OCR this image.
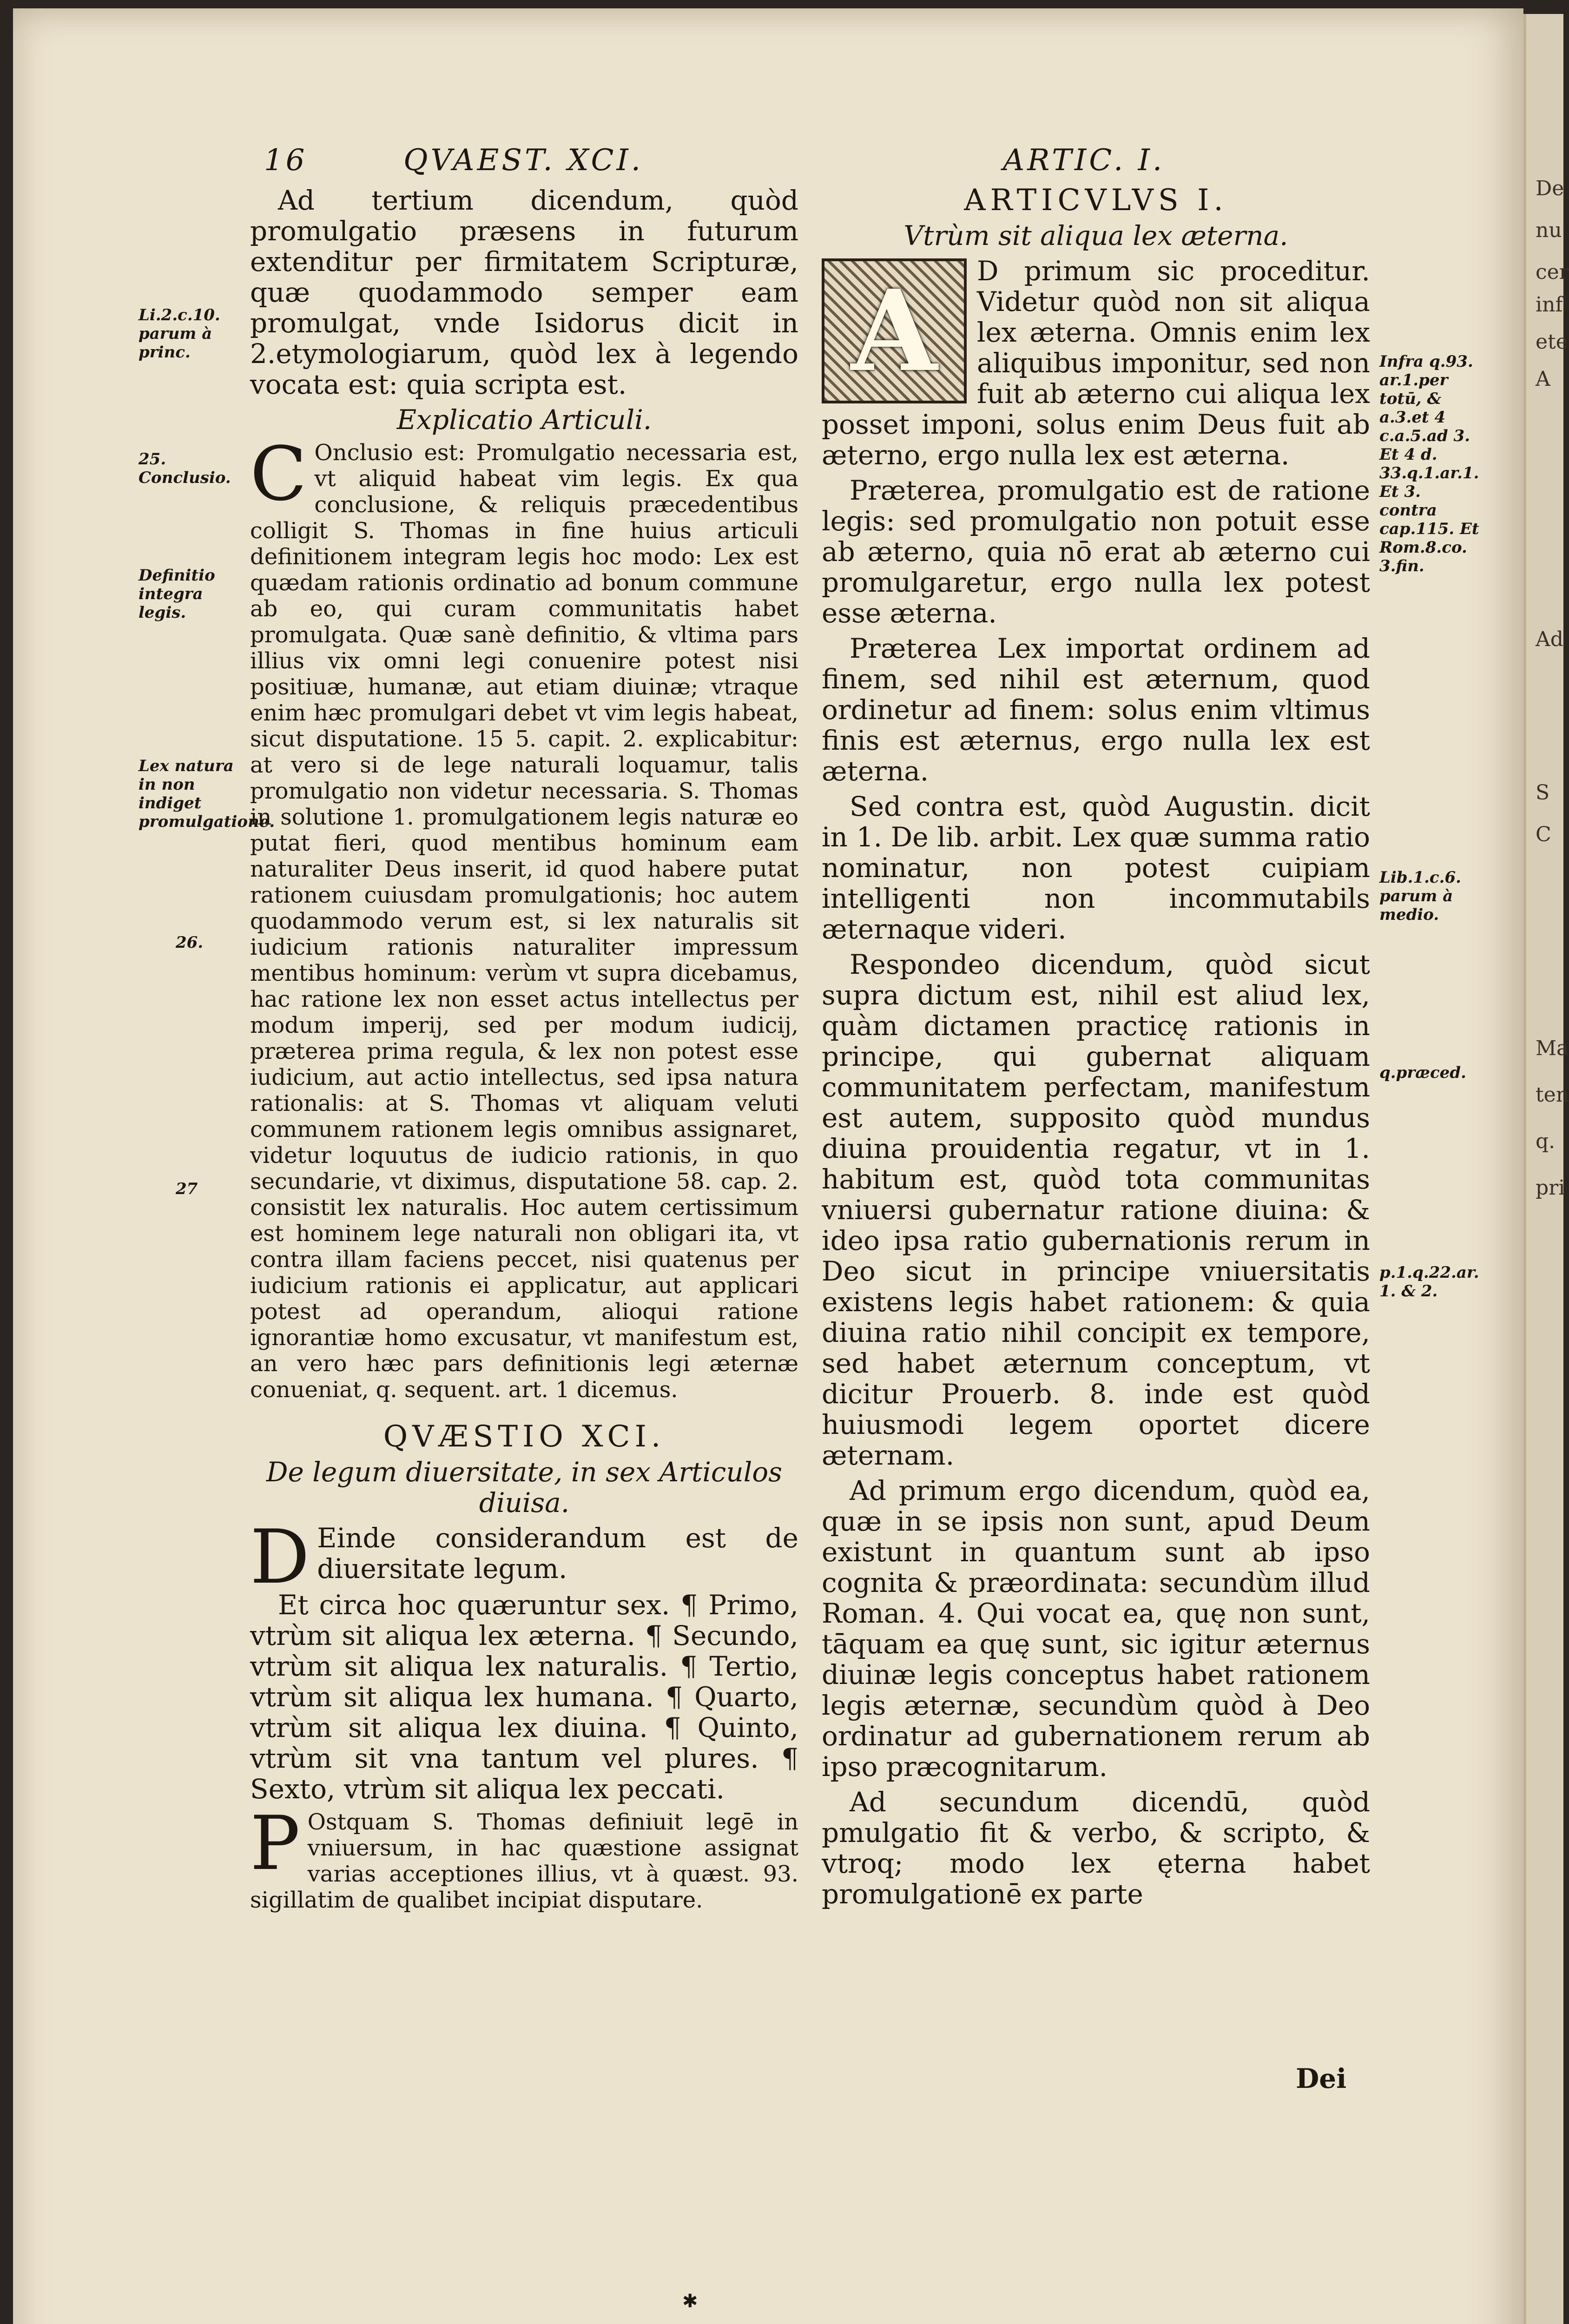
16	QVAEST. XCI.	ARTIC. I.
Li.2.c.10. parum à princ.
25. Conclusio.
Definitio integra legis.
Lex natura in non indiget promulgatione.
26.
27

Ad tertium dicendum, quòd promulgatio præsens in futurum extenditur per firmitatem Scripturæ, quæ quodammodo semper eam promulgat, vnde Isidorus dicit in 2.etymologiarum, quòd lex à legendo vocata est: quia scripta est.

Explicatio Articuli.

C Onclusio est: Promulgatio necessaria est, vt aliquid habeat vim legis. Ex qua conclusione, & reliquis præcedentibus colligit S. Thomas in fine huius articuli definitionem integram legis hoc modo: Lex est quædam rationis ordinatio ad bonum commune ab eo, qui curam communitatis habet promulgata. Quæ sanè definitio, & vltima pars illius vix omni legi conuenire potest nisi positiuæ, humanæ, aut etiam diuinæ; vtraque enim hæc promulgari debet vt vim legis habeat, sicut disputatione. 15 5. capit. 2. explicabitur: at vero si de lege naturali loquamur, talis promulgatio non videtur necessaria. S. Thomas in solutione 1. promulgationem legis naturæ eo putat fieri, quod mentibus hominum eam naturaliter Deus inserit, id quod habere putat rationem cuiusdam promulgationis; hoc autem quodammodo verum est, si lex naturalis sit iudicium rationis naturaliter impressum mentibus hominum: verùm vt supra dicebamus, hac ratione lex non esset actus intellectus per modum imperij, sed per modum iudicij, præterea prima regula, & lex non potest esse iudicium, aut actio intellectus, sed ipsa natura rationalis: at S. Thomas vt aliquam veluti communem rationem legis omnibus assignaret, videtur loquutus de iudicio rationis, in quo secundarie, vt diximus, disputatione 58. cap. 2. consistit lex naturalis. Hoc autem certissimum est hominem lege naturali non obligari ita, vt contra illam faciens peccet, nisi quatenus per iudicium rationis ei applicatur, aut applicari potest ad operandum, alioqui ratione ignorantiæ homo excusatur, vt manifestum est, an vero hæc pars definitionis legi æternæ conueniat, q. sequent. art. 1 dicemus.

QVÆSTIO XCI.

De legum diuersitate, in sex Articulos diuisa.

D Einde considerandum est de diuersitate legum.

Et circa hoc quæruntur sex. ¶ Primo, vtrùm sit aliqua lex æterna. ¶ Secundo, vtrùm sit aliqua lex naturalis. ¶ Tertio, vtrùm sit aliqua lex humana. ¶ Quarto, vtrùm sit aliqua lex diuina. ¶ Quinto, vtrùm sit vna tantum vel plures. ¶ Sexto, vtrùm sit aliqua lex peccati.

P Ostquam S. Thomas definiuit legē in vniuersum, in hac quæstione assignat varias acceptiones illius, vt à quæst. 93. sigillatim de qualibet incipiat disputare.

ARTICVLVS I.

Vtrùm sit aliqua lex æterna.

A	D primum sic proceditur. Videtur quòd non sit aliqua lex æterna. Omnis enim lex aliquibus imponitur, sed non fuit ab æterno cui aliqua lex posset imponi, solus enim Deus fuit ab æterno, ergo nulla lex est æterna.

Præterea, promulgatio est de ratione legis: sed promulgatio non potuit esse ab æterno, quia nō erat ab æterno cui promulgaretur, ergo nulla lex potest esse æterna.

Præterea Lex importat ordinem ad finem, sed nihil est æternum, quod ordinetur ad finem: solus enim vltimus finis est æternus, ergo nulla lex est æterna.

Sed contra est, quòd Augustin. dicit in 1. De lib. arbit. Lex quæ summa ratio nominatur, non potest cuipiam intelligenti non incommutabils æternaque videri.

Respondeo dicendum, quòd sicut supra dictum est, nihil est aliud lex, quàm dictamen practicę rationis in principe, qui gubernat aliquam communitatem perfectam, manifestum est autem, supposito quòd mundus diuina prouidentia regatur, vt in 1. habitum est, quòd tota communitas vniuersi gubernatur ratione diuina: & ideo ipsa ratio gubernationis rerum in Deo sicut in principe vniuersitatis existens legis habet rationem: & quia diuina ratio nihil concipit ex tempore, sed habet æternum conceptum, vt dicitur Prouerb. 8. inde est quòd huiusmodi legem oportet dicere æternam.

Ad primum ergo dicendum, quòd ea, quæ in se ipsis non sunt, apud Deum existunt in quantum sunt ab ipso cognita & præordinata: secundùm illud Roman. 4. Qui vocat ea, quę non sunt, tāquam ea quę sunt, sic igitur æternus diuinæ legis conceptus habet rationem legis æternæ, secundùm quòd à Deo ordinatur ad gubernationem rerum ab ipso præcognitarum.

Ad secundum dicendū, quòd pmulgatio fit & verbo, & scripto, & vtroq; modo lex ęterna habet promulgationē ex parte

Dei
Infra q.93. ar.1.per totū, & a.3.et 4 c.a.5.ad 3. Et 4 d. 33.q.1.ar.1. Et 3. contra cap.115. Et Rom.8.co. 3.fin.
Lib.1.c.6. parum à medio.
q.præced.
p.1.q.22.ar. 1. & 2.
✱
De
nu
cer
inf
ete
A
Ad
S
C
Ma
ten
q.
pri
